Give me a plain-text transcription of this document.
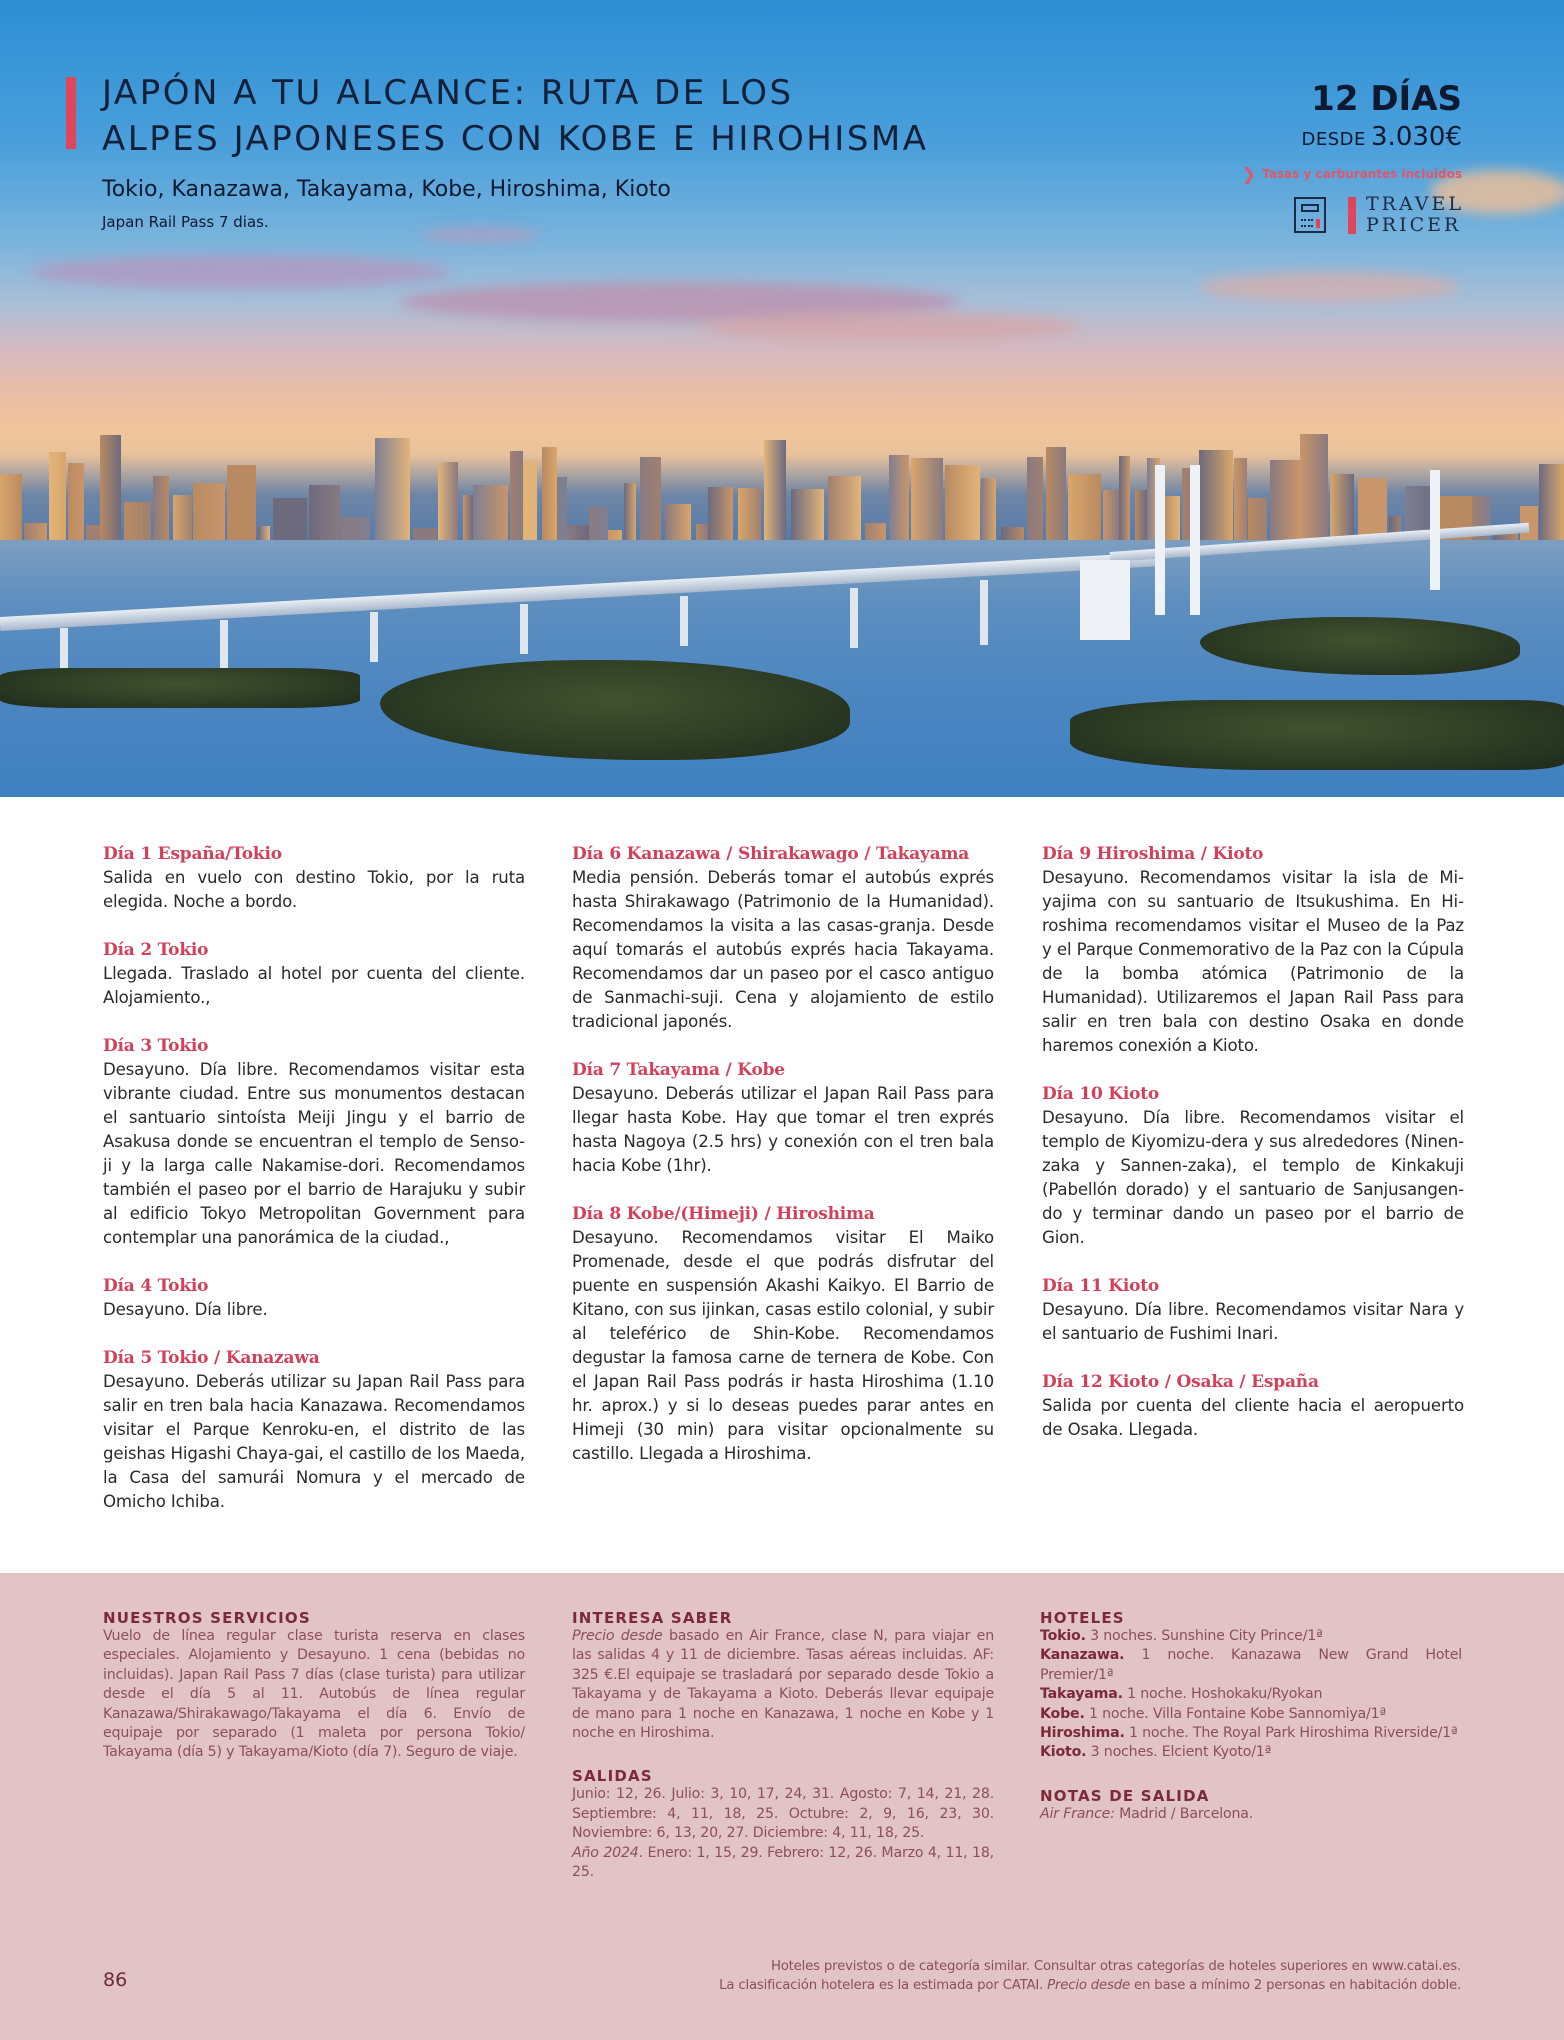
JAPÓN A TU ALCANCE: RUTA DE LOS
ALPES JAPONESES CON KOBE E HIROHISMA
Tokio, Kanazawa, Takayama, Kobe, Hiroshima, Kioto
Japan Rail Pass 7 dias.
12 DÍAS
DESDE 3.030€
❯ Tasas y carburantes incluidos
TRAVEL
PRICER
Día 1 España/Tokio
Salida en vuelo con destino Tokio, por la ruta elegida. Noche a bordo.
Día 2 Tokio
Llegada. Traslado al hotel por cuenta del cliente. Alojamiento.,
Día 3 Tokio
Desayuno. Día libre. Recomendamos visitar esta vibrante ciudad. Entre sus monumentos destacan el santuario sintoísta Meiji Jingu y el barrio de Asakusa donde se encuentran el templo de Senso-ji y la larga calle Nakamise-dori. Recomendamos también el paseo por el barrio de Harajuku y subir al edificio Tokyo Metropolitan Government para contemplar una panorámica de la ciudad.,
Día 4 Tokio
Desayuno. Día libre.
Día 5 Tokio / Kanazawa
Desayuno. Deberás utilizar su Japan Rail Pass para salir en tren bala hacia Kanazawa. Recomendamos visitar el Parque Kenroku-en, el distrito de las geishas Higashi Chaya-gai, el castillo de los Maeda, la Casa del samurái Nomura y el mercado de Omicho Ichiba.
Día 6 Kanazawa / Shirakawago / Takayama
Media pensión. Deberás tomar el autobús exprés hasta Shirakawago (Patrimonio de la Humanidad). Recomendamos la visita a las casas-granja. Desde aquí tomarás el autobús exprés hacia Takayama. Recomendamos dar un paseo por el casco antiguo de Sanmachi-suji. Cena y alojamiento de estilo tradicional japonés.
Día 7 Takayama / Kobe
Desayuno. Deberás utilizar el Japan Rail Pass para llegar hasta Kobe. Hay que tomar el tren exprés hasta Nagoya (2.5 hrs) y conexión con el tren bala hacia Kobe (1hr).
Día 8 Kobe/(Himeji) / Hiroshima
Desayuno. Recomendamos visitar El Maiko Promenade, desde el que podrás disfrutar del puente en suspensión Akashi Kaikyo. El Barrio de Kitano, con sus ijinkan, casas estilo colonial, y subir al teleférico de Shin-Kobe. Recomendamos degustar la famosa carne de ternera de Kobe. Con el Japan Rail Pass podrás ir hasta Hiroshima (1.10 hr. aprox.) y si lo deseas puedes parar antes en Himeji (30 min) para visitar opcionalmente su castillo. Llegada a Hiroshima.
Día 9 Hiroshima / Kioto
Desayuno. Recomendamos visitar la isla de Miyajima con su santuario de Itsukushima. En Hiroshima recomendamos visitar el Museo de la Paz y el Parque Conmemorativo de la Paz con la Cúpula de la bomba atómica (Patrimonio de la Humanidad). Utilizaremos el Japan Rail Pass para salir en tren bala con destino Osaka en donde haremos conexión a Kioto.
Día 10 Kioto
Desayuno. Día libre. Recomendamos visitar el templo de Kiyomizu-dera y sus alrededores (Ninen-zaka y Sannen-zaka), el templo de Kinkakuji (Pabellón dorado) y el santuario de Sanjusangen-do y terminar dando un paseo por el barrio de Gion.
Día 11 Kioto
Desayuno. Día libre. Recomendamos visitar Nara y el santuario de Fushimi Inari.
Día 12 Kioto / Osaka / España
Salida por cuenta del cliente hacia el aeropuerto de Osaka. Llegada.
NUESTROS SERVICIOS
Vuelo de línea regular clase turista reserva en clases especiales. Alojamiento y Desayuno. 1 cena (bebidas no incluidas). Japan Rail Pass 7 días (clase turista) para utilizar desde el día 5 al 11. Autobús de línea regular Kanazawa/Shirakawago/Takayama el día 6. Envío de equipaje por separado (1 maleta por persona Tokio/ Takayama (día 5) y Takayama/Kioto (día 7). Seguro de viaje.
INTERESA SABER
Precio desde basado en Air France, clase N, para viajar en las salidas 4 y 11 de diciembre. Tasas aéreas incluidas. AF: 325 €.El equipaje se trasladará por separado desde Tokio a Takayama y de Takayama a Kioto. Deberás llevar equipaje de mano para 1 noche en Kanazawa, 1 noche en Kobe y 1 noche en Hiroshima.
SALIDAS
Junio: 12, 26. Julio: 3, 10, 17, 24, 31. Agosto: 7, 14, 21, 28. Septiembre: 4, 11, 18, 25. Octubre: 2, 9, 16, 23, 30. Noviembre: 6, 13, 20, 27. Diciembre: 4, 11, 18, 25.
Año 2024. Enero: 1, 15, 29. Febrero: 12, 26. Marzo 4, 11, 18, 25.
HOTELES
Tokio. 3 noches. Sunshine City Prince/1ª
Kanazawa. 1 noche. Kanazawa New Grand Hotel Premier/1ª
Takayama. 1 noche. Hoshokaku/Ryokan
Kobe. 1 noche. Villa Fontaine Kobe Sannomiya/1ª
Hiroshima. 1 noche. The Royal Park Hiroshima Riverside/1ª
Kioto. 3 noches. Elcient Kyoto/1ª
NOTAS DE SALIDA
Air France: Madrid / Barcelona.
86
Hoteles previstos o de categoría similar. Consultar otras categorías de hoteles superiores en www.catai.es.
La clasificación hotelera es la estimada por CATAI. Precio desde en base a mínimo 2 personas en habitación doble.
